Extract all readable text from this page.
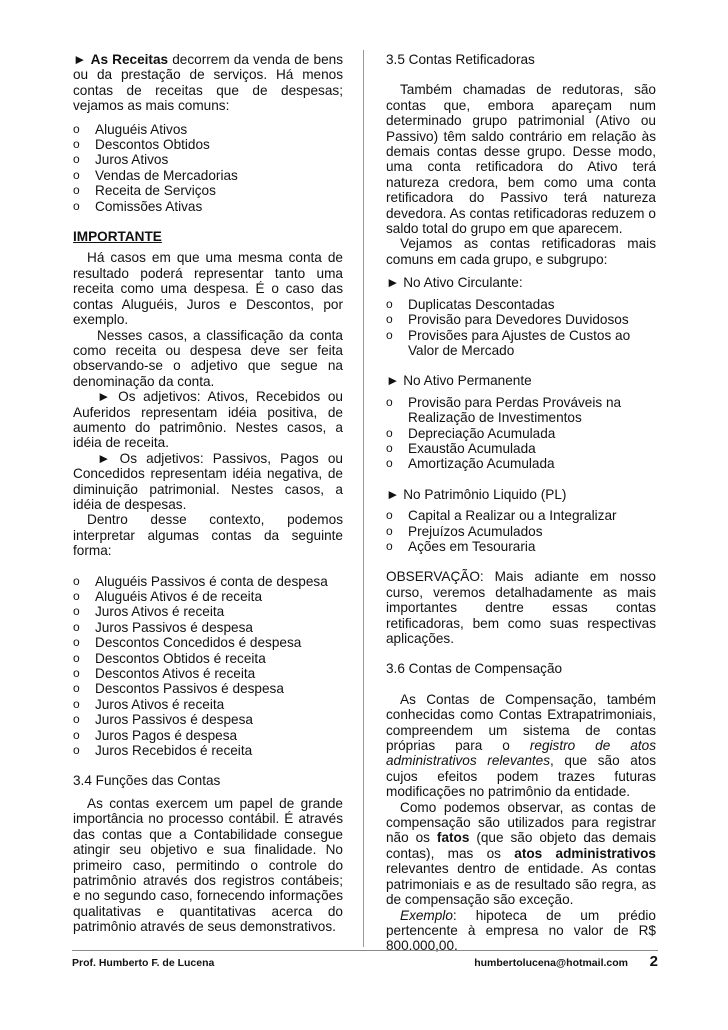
► As Receitas decorrem da venda de bens ou da prestação de serviços. Há menos contas de receitas que de despesas; vejamos as mais comuns:

o Aluguéis Ativos
o Descontos Obtidos
o Juros Ativos
o Vendas de Mercadorias
o Receita de Serviços
o Comissões Ativas

IMPORTANTE

Há casos em que uma mesma conta de resultado poderá representar tanto uma receita como uma despesa. É o caso das contas Aluguéis, Juros e Descontos, por exemplo.

Nesses casos, a classificação da conta como receita ou despesa deve ser feita observando-se o adjetivo que segue na denominação da conta.

► Os adjetivos: Ativos, Recebidos ou Auferidos representam idéia positiva, de aumento do patrimônio. Nestes casos, a idéia de receita.

► Os adjetivos: Passivos, Pagos ou Concedidos representam idéia negativa, de diminuição patrimonial. Nestes casos, a idéia de despesas.

Dentro desse contexto, podemos interpretar algumas contas da seguinte forma:

o Aluguéis Passivos é conta de despesa
o Aluguéis Ativos é de receita
o Juros Ativos é receita
o Juros Passivos é despesa
o Descontos Concedidos é despesa
o Descontos Obtidos é receita
o Descontos Ativos é receita
o Descontos Passivos é despesa
o Juros Ativos é receita
o Juros Passivos é despesa
o Juros Pagos é despesa
o Juros Recebidos é receita

3.4 Funções das Contas

As contas exercem um papel de grande importância no processo contábil. É através das contas que a Contabilidade consegue atingir seu objetivo e sua finalidade. No primeiro caso, permitindo o controle do patrimônio através dos registros contábeis; e no segundo caso, fornecendo informações qualitativas e quantitativas acerca do patrimônio através de seus demonstrativos.

3.5 Contas Retificadoras

Também chamadas de redutoras, são contas que, embora apareçam num determinado grupo patrimonial (Ativo ou Passivo) têm saldo contrário em relação às demais contas desse grupo. Desse modo, uma conta retificadora do Ativo terá natureza credora, bem como uma conta retificadora do Passivo terá natureza devedora. As contas retificadoras reduzem o saldo total do grupo em que aparecem.

Vejamos as contas retificadoras mais comuns em cada grupo, e subgrupo:

► No Ativo Circulante:

o Duplicatas Descontadas
o Provisão para Devedores Duvidosos
o Provisões para Ajustes de Custos ao Valor de Mercado

► No Ativo Permanente

o Provisão para Perdas Prováveis na Realização de Investimentos
o Depreciação Acumulada
o Exaustão Acumulada
o Amortização Acumulada

► No Patrimônio Liquido (PL)

o Capital a Realizar ou a Integralizar
o Prejuízos Acumulados
o Ações em Tesouraria

OBSERVAÇÃO: Mais adiante em nosso curso, veremos detalhadamente as mais importantes dentre essas contas retificadoras, bem como suas respectivas aplicações.

3.6 Contas de Compensação

As Contas de Compensação, também conhecidas como Contas Extrapatrimoniais, compreendem um sistema de contas próprias para o registro de atos administrativos relevantes, que são atos cujos efeitos podem trazes futuras modificações no patrimônio da entidade.

Como podemos observar, as contas de compensação são utilizados para registrar não os fatos (que são objeto das demais contas), mas os atos administrativos relevantes dentro de entidade. As contas patrimoniais e as de resultado são regra, as de compensação são exceção.

Exemplo: hipoteca de um prédio pertencente à empresa no valor de R$ 800.000,00.

Prof. Humberto F. de Lucena	humbertolucena@hotmail.com 2
